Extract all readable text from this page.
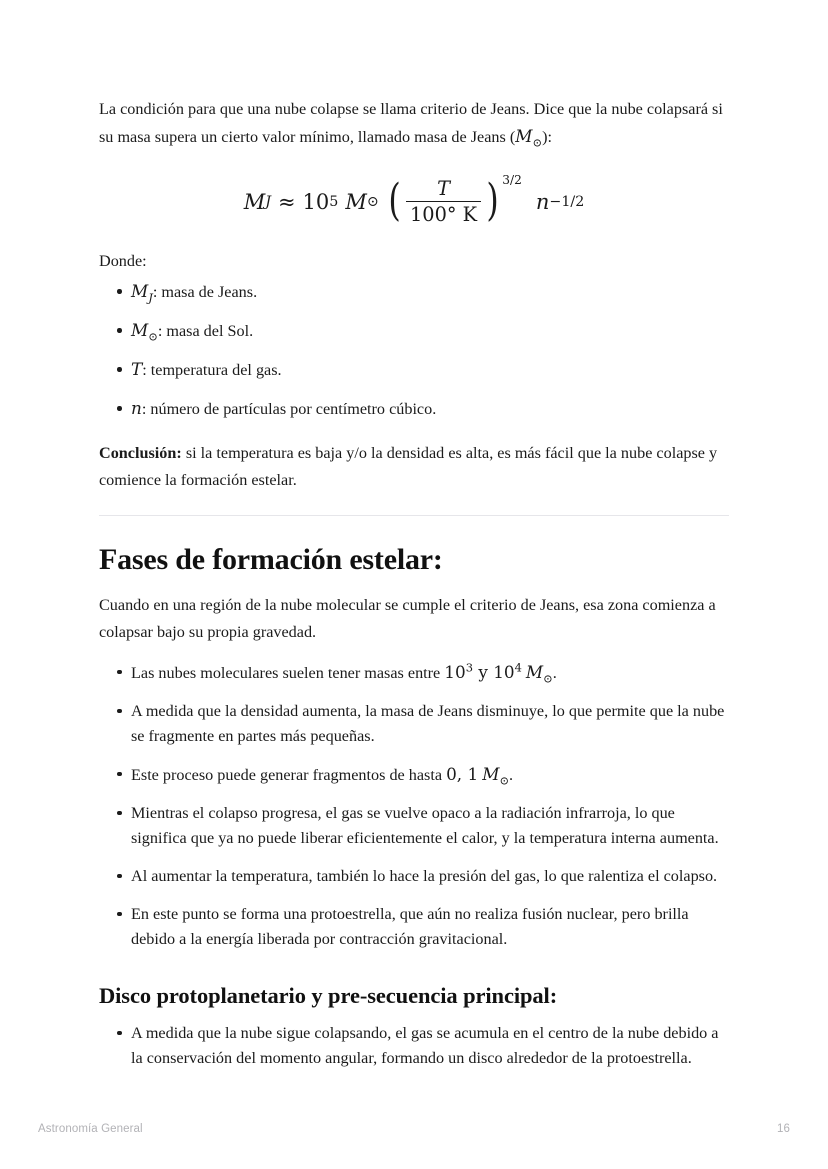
La condición para que una nube colapse se llama criterio de Jeans. Dice que la nube colapsará si su masa supera un cierto valor mínimo, llamado masa de Jeans $(M_⊙)$:

M J ≈ 10 5 M ⊙ ( $\frac{T}{100^\circ K}$ ) 3/2
n −1/2

Donde:

$M_J$: masa de Jeans.
$M_⊙$: masa del Sol.
T: temperatura del gas.
n: número de partículas por centímetro cúbico.

Conclusión: si la temperatura es baja y/o la densidad es alta, es más fácil que la nube colapse y comience la formación estelar.

Fases de formación estelar:

Cuando en una región de la nube molecular se cumple el criterio de Jeans, esa zona comienza a colapsar bajo su propia gravedad.

Las nubes moleculares suelen tener masas entre $10^3$ y $10^4$ $M_⊙$.
A medida que la densidad aumenta, la masa de Jeans disminuye, lo que permite que la nube se fragmente en partes más pequeñas.
Este proceso puede generar fragmentos de hasta 0, 1 $M_⊙$.
Mientras el colapso progresa, el gas se vuelve opaco a la radiación infrarroja, lo que significa que ya no puede liberar eficientemente el calor, y la temperatura interna aumenta.
Al aumentar la temperatura, también lo hace la presión del gas, lo que ralentiza el colapso.
En este punto se forma una protoestrella, que aún no realiza fusión nuclear, pero brilla debido a la energía liberada por contracción gravitacional.
Disco protoplanetario y pre-secuencia principal:
A medida que la nube sigue colapsando, el gas se acumula en el centro de la nube debido a la conservación del momento angular, formando un disco alrededor de la protoestrella.
Astronomía General	16
